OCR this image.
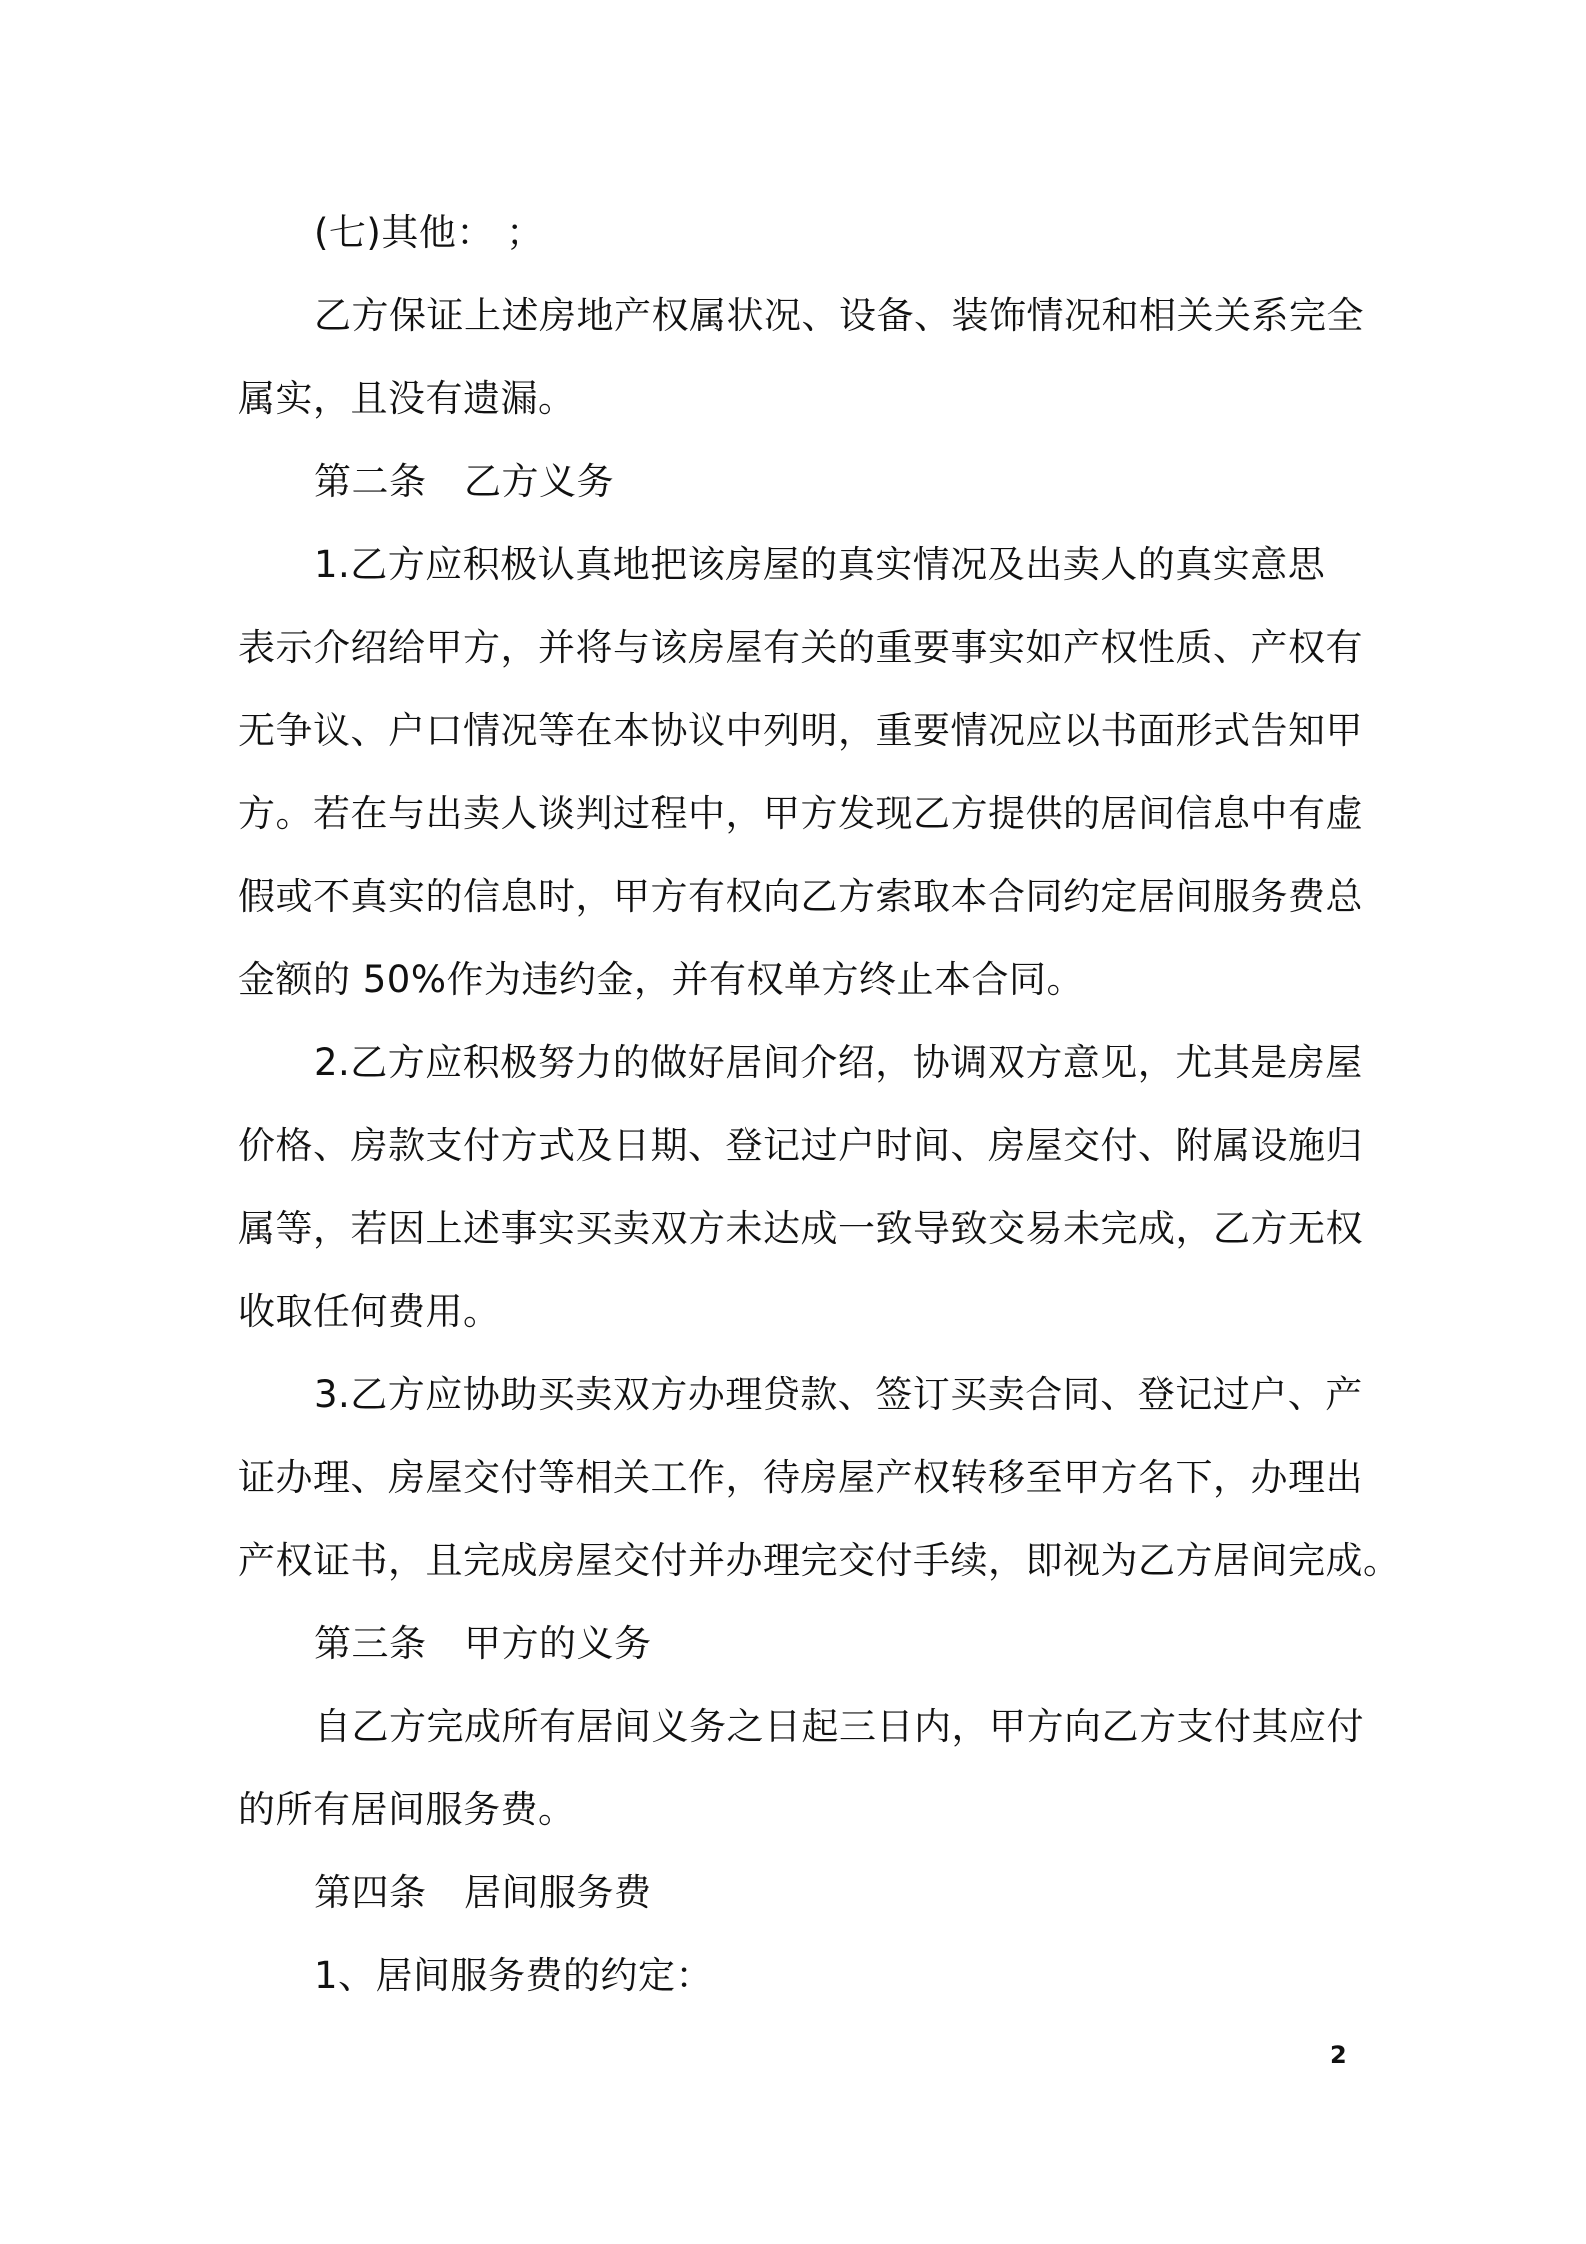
(七)其他： ；
乙方保证上述房地产权属状况、设备、装饰情况和相关关系完全
属实，且没有遗漏。
第二条　乙方义务
1.乙方应积极认真地把该房屋的真实情况及出卖人的真实意思
表示介绍给甲方，并将与该房屋有关的重要事实如产权性质、产权有
无争议、户口情况等在本协议中列明，重要情况应以书面形式告知甲
方。若在与出卖人谈判过程中，甲方发现乙方提供的居间信息中有虚
假或不真实的信息时，甲方有权向乙方索取本合同约定居间服务费总
金额的 50%作为违约金，并有权单方终止本合同。
2.乙方应积极努力的做好居间介绍，协调双方意见，尤其是房屋
价格、房款支付方式及日期、登记过户时间、房屋交付、附属设施归
属等，若因上述事实买卖双方未达成一致导致交易未完成，乙方无权
收取任何费用。
3.乙方应协助买卖双方办理贷款、签订买卖合同、登记过户、产
证办理、房屋交付等相关工作，待房屋产权转移至甲方名下，办理出
产权证书，且完成房屋交付并办理完交付手续，即视为乙方居间完成。
第三条　甲方的义务
自乙方完成所有居间义务之日起三日内，甲方向乙方支付其应付
的所有居间服务费。
第四条　居间服务费
1、居间服务费的约定：
2
